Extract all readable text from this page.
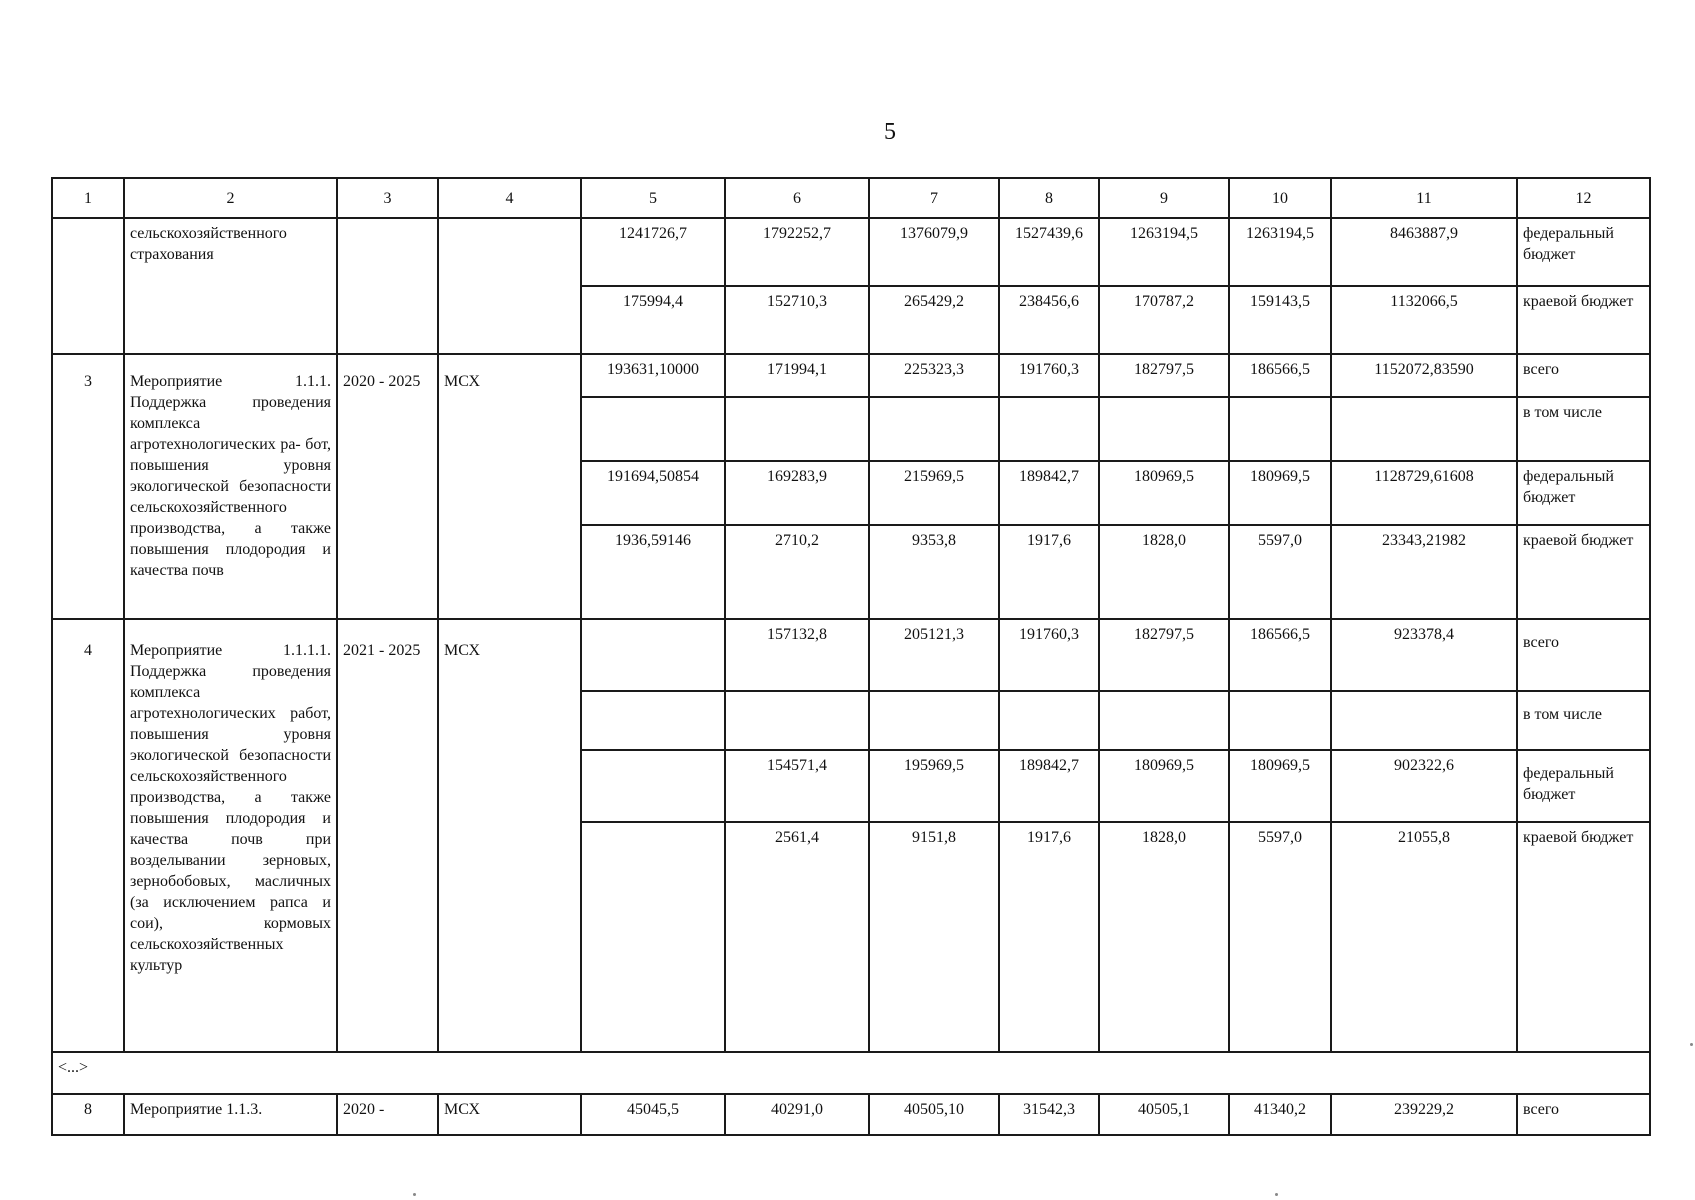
5
1	2	3	4	5	6	7	8	9	10	11	12
	сельскохозяйственного страхования			1241726,7	1792252,7	1376079,9	1527439,6	1263194,5	1263194,5	8463887,9	федеральный бюджет
				175994,4	152710,3	265429,2	238456,6	170787,2	159143,5	1132066,5	краевой бюджет
3	Мероприятие 1.1.1. Поддержка проведения комплекса агротехнологических ра- бот, повышения уровня экологической безопасности сельскохозяйственного производства, а также повышения плодородия и качества почв	2020 - 2025	МСХ	193631,10000	171994,1	225323,3	191760,3	182797,5	186566,5	1152072,83590	всего
											в том числе
				191694,50854	169283,9	215969,5	189842,7	180969,5	180969,5	1128729,61608	федеральный бюджет
				1936,59146	2710,2	9353,8	1917,6	1828,0	5597,0	23343,21982	краевой бюджет
4	Мероприятие 1.1.1.1. Поддержка проведения комплекса агротехнологических работ, повышения уровня экологической безопасности сельскохозяйственного производства, а также повышения плодородия и качества почв при возделывании зерновых, зернобобовых, масличных (за исключением рапса и сои), кормовых сельскохозяйственных культур	2021 - 2025	МСХ		157132,8	205121,3	191760,3	182797,5	186566,5	923378,4	всего
											в том числе
					154571,4	195969,5	189842,7	180969,5	180969,5	902322,6	федеральный бюджет
					2561,4	9151,8	1917,6	1828,0	5597,0	21055,8	краевой бюджет
<...>											
8	Мероприятие 1.1.3.	2020 -	МСХ	45045,5	40291,0	40505,10	31542,3	40505,1	41340,2	239229,2	всего
